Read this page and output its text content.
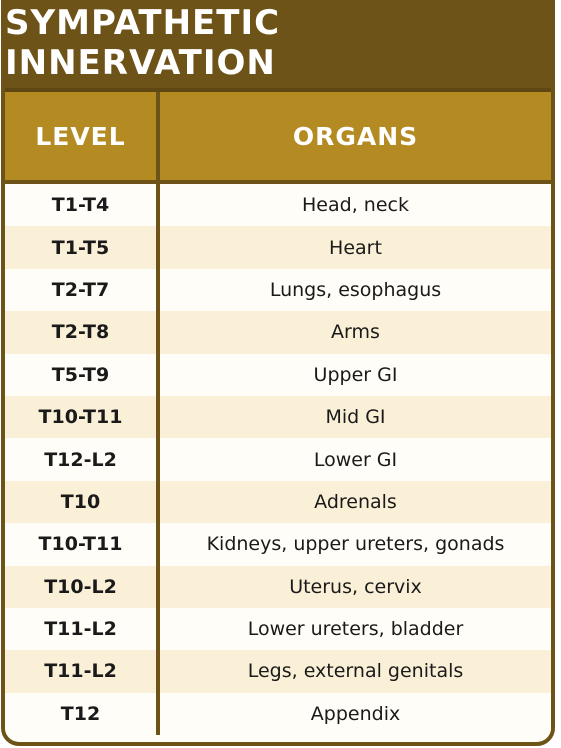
SYMPATHETIC INNERVATION
LEVEL	ORGANS
T1-T4	Head, neck
T1-T5	Heart
T2-T7	Lungs, esophagus
T2-T8	Arms
T5-T9	Upper GI
T10-T11	Mid GI
T12-L2	Lower GI
T10	Adrenals
T10-T11	Kidneys, upper ureters, gonads
T10-L2	Uterus, cervix
T11-L2	Lower ureters, bladder
T11-L2	Legs, external genitals
T12	Appendix
